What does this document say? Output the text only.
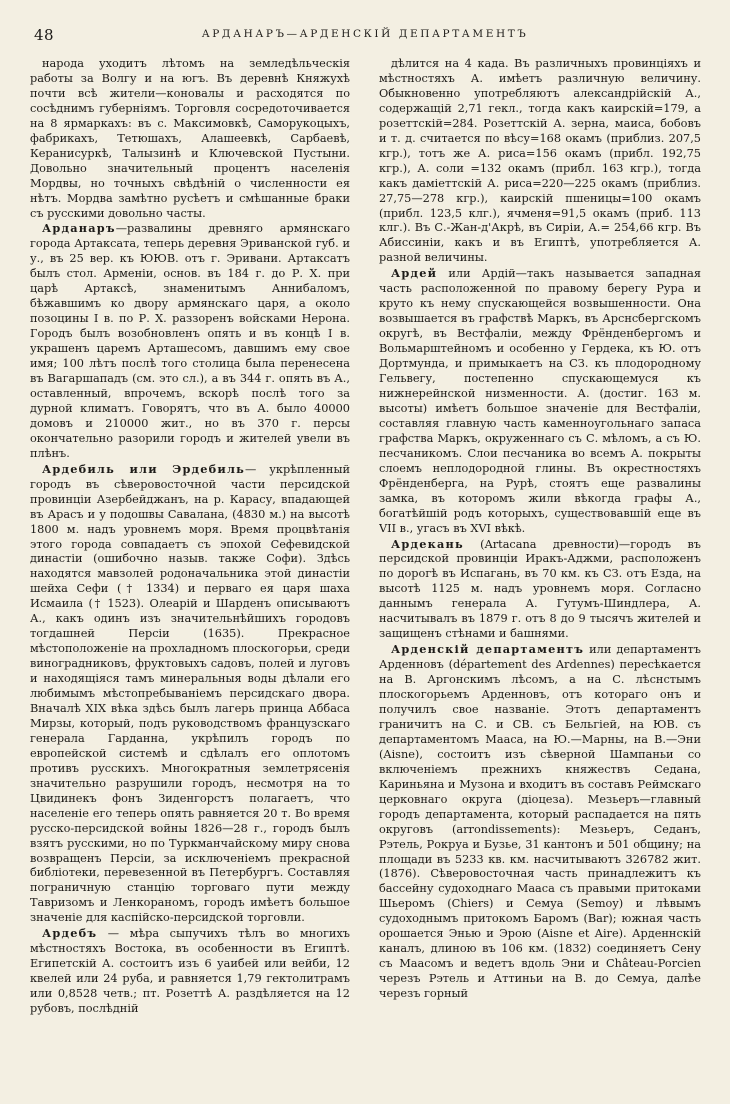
48	АРДАНАРЪ—АРДЕНСКІЙ ДЕПАРТАМЕНТЪ

народа уходитъ лѣтомъ на земледѣльческія работы за Волгу и на югъ. Въ деревнѣ Княжухѣ почти всѣ жители—коновалы и расходятся по сосѣднимъ губерніямъ. Торговля сосредоточивается на 8 ярмаркахъ: въ с. Максимовкѣ, Саморукоцыхъ, фабрикахъ, Тетюшахъ, Алашеевкѣ, Сарбаевѣ, Керанисуркѣ, Талызинѣ и Ключевской Пустыни. Довольно значительный процентъ населенія Мордвы, но точныхъ свѣдѣній о численности ея нѣтъ. Мордва замѣтно русѣетъ и смѣшанные браки съ русскими довольно часты.

Арданаръ—развалины древняго армянскаго города Артаксата, теперь деревня Эриванской губ. и у., въ 25 вер. къ ЮЮВ. отъ г. Эривани. Артаксатъ былъ стол. Арменіи, основ. въ 184 г. до Р. Х. при царѣ Артаксѣ, знаменитымъ Аннибаломъ, бѣжавшимъ ко двору армянскаго царя, а около позоцины I в. по Р. Х. раззоренъ войсками Нерона. Городъ былъ возобновленъ опять и въ концѣ I в. украшенъ царемъ Арташесомъ, давшимъ ему свое имя; 100 лѣтъ послѣ того столица была перенесена въ Вагаршападъ (см. это сл.), а въ 344 г. опять въ А., оставленный, впрочемъ, вскорѣ послѣ того за дурной климатъ. Говорятъ, что въ А. было 40000 домовъ и 210000 жит., но въ 370 г. персы окончательно разорили городъ и жителей увели въ плѣнъ.

Ардебиль или Эрдебиль— укрѣпленный городъ въ сѣверовосточной части персидской провинціи Азербейджанъ, на р. Карасу, впадающей въ Арасъ и у подошвы Савалана, (4830 м.) на высотѣ 1800 м. надъ уровнемъ моря. Время процвѣтанія этого города совпадаетъ съ эпохой Сефевидской династіи (ошибочно назыв. также Софи). Здѣсь находятся мавзолей родоначальника этой династіи шейха Сефи († 1334) и перваго ея царя шаха Исмаила († 1523). Олеарій и Шарденъ описываютъ А., какъ одинъ изъ значительнѣйшихъ городовъ тогдашней Персіи (1635). Прекрасное мѣстоположеніе на прохладномъ плоскогорьи, среди виноградниковъ, фруктовыхъ садовъ, полей и луговъ и находящіяся тамъ минеральныя воды дѣлали его любимымъ мѣстопребываніемъ персидскаго двора. Вначалѣ XIX вѣка здѣсь былъ лагерь принца Аббаса Мирзы, который, подъ руководствомъ французскаго генерала Гарданна, укрѣпилъ городъ по европейской системѣ и сдѣлалъ его оплотомъ противъ русскихъ. Многократныя землетрясенія значительно разрушили городъ, несмотря на то Цвидинекъ фонъ Зиденгорстъ полагаетъ, что населеніе его теперь опять равняется 20 т. Во время русско-персидской войны 1826—28 г., городъ былъ взятъ русскими, но по Туркманчайскому миру снова возвращенъ Персіи, за исключеніемъ прекрасной библіотеки, перевезенной въ Петербургъ. Составляя пограничную станцію торговаго пути между Тавризомъ и Ленкораномъ, городъ имѣетъ большое значеніе для каспійско-персидской торговли.

Ардебъ — мѣра сыпучихъ тѣлъ во многихъ мѣстностяхъ Востока, въ особенности въ Египтѣ. Египетскій А. состоитъ изъ 6 уаибей или вейби, 12 квелей или 24 руба, и равняется 1,79 гектолитрамъ или 0,8528 четв.; пт. Розеттѣ А. раздѣляется на 12 рубовъ, послѣдній

дѣлится на 4 када. Въ различныхъ провинціяхъ и мѣстностяхъ А. имѣетъ различную величину. Обыкновенно употребляютъ александрійскій А., содержащій 2,71 гекл., тогда какъ каирскій=179, а розеттскій=284. Розеттскій А. зерна, маиса, бобовъ и т. д. считается по вѣсу=168 окамъ (приблиз. 207,5 кгр.), тотъ же А. риса=156 окамъ (прибл. 192,75 кгр.), А. соли =132 окамъ (прибл. 163 кгр.), тогда какъ даміеттскій А. риса=220—225 окамъ (приблиз. 27,75—278 кгр.), каирскій пшеницы=100 окамъ (прибл. 123,5 клг.), ячменя=91,5 окамъ (приб. 113 клг.). Въ С.-Жан-д'Акрѣ, въ Сиріи, А.= 254,66 кгр. Въ Абиссиніи, какъ и въ Египтѣ, употребляется А. разной величины.

Ардей или Ардій—такъ называется западная часть расположенной по правому берегу Рура и круто къ нему спускающейся возвышенности. Она возвышается въ графствѣ Маркъ, въ Арснсбергскомъ округѣ, въ Вестфаліи, между Фрёнденбергомъ и Вольмарштейномъ и особенно у Гердека, къ Ю. отъ Дортмунда, и примыкаетъ на СЗ. къ плодородному Гельвегу, постепенно спускающемуся къ нижнерейнской низменности. А. (достиг. 163 м. высоты) имѣетъ большое значеніе для Вестфаліи, составляя главную часть каменноугольнаго запаса графства Маркъ, окруженнаго съ С. мѣломъ, а съ Ю. песчаникомъ. Слои песчаника во всемъ А. покрыты слоемъ неплодородной глины. Въ окрестностяхъ Фрёнденберга, на Рурѣ, стоятъ еще развалины замка, въ которомъ жили вѣкогда графы А., богатѣйшій родъ которыхъ, существовавшій еще въ VII в., угасъ въ XVI вѣкѣ.

Ардекань (Artacana древности)—городъ въ персидской провинціи Иракъ-Аджми, расположенъ по дорогѣ въ Испагань, въ 70 км. къ СЗ. отъ Езда, на высотѣ 1125 м. надъ уровнемъ моря. Согласно даннымъ генерала А. Гутумъ-Шиндлера, А. насчитывалъ въ 1879 г. отъ 8 до 9 тысячъ жителей и защищенъ стѣнами и башнями.

Арденскій департаментъ или департаментъ Арденновъ (département des Ardennes) пересѣкается на В. Аргонскимъ лѣсомъ, а на С. лѣснстымъ плоскогорьемъ Арденновъ, отъ котораго онъ и получилъ свое названіе. Этотъ департаментъ граничитъ на С. и СВ. съ Бельгіей, на ЮВ. съ департаментомъ Мааса, на Ю.—Марны, на В.—Эни (Aisne), состоитъ изъ сѣверной Шампаньи со включеніемъ прежнихъ княжествъ Седана, Кариньяна и Музона и входитъ въ составъ Реймскаго церковнаго округа (діоцеза). Мезьеръ—главный городъ департамента, который распадается на пять округовъ (arrondissements): Мезьеръ, Седанъ, Рэтель, Рокруа и Бузье, 31 кантонъ и 501 общину; на площади въ 5233 кв. км. насчитываютъ 326782 жит. (1876). Сѣверовосточная часть принадлежитъ къ бассейну судоходнаго Мааса съ правыми притоками Шьеромъ (Chiers) и Семуа (Semoy) и лѣвымъ судоходнымъ притокомъ Баромъ (Bar); южная часть орошается Энью и Эрою (Aisne et Aire). Арденнскій каналъ, длиною въ 106 км. (1832) соединяетъ Сену съ Маасомъ и ведетъ вдоль Эни и Château-Porcien черезъ Рэтель и Аттиньи на В. до Семуа, далѣе черезъ горный
